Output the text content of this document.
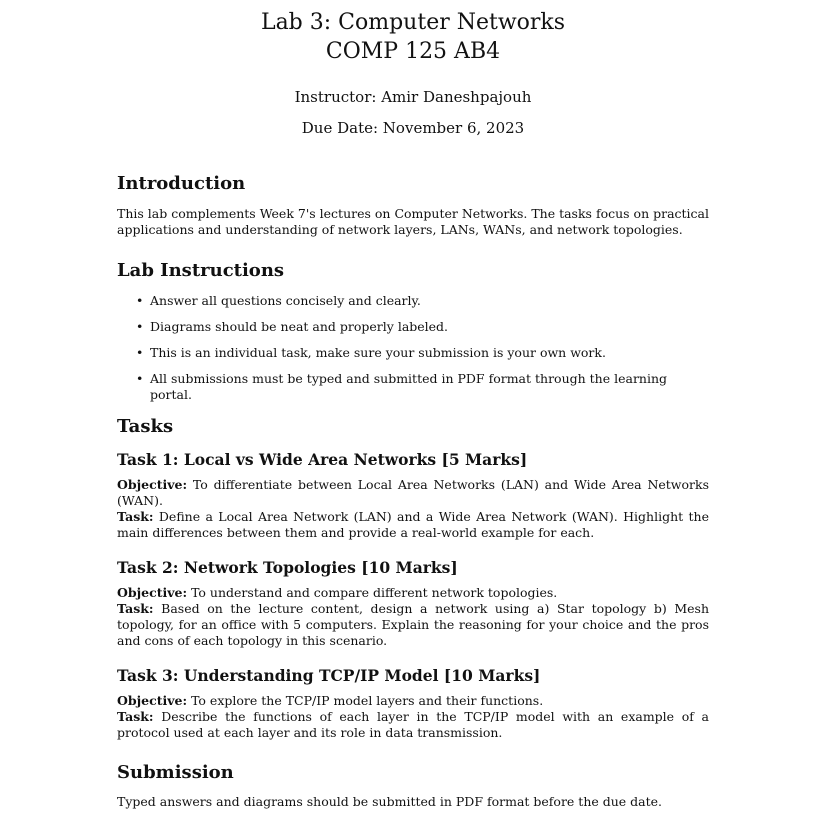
Lab 3: Computer Networks
COMP 125 AB4
Instructor: Amir Daneshpajouh
Due Date: November 6, 2023
Introduction

This lab complements Week 7's lectures on Computer Networks. The tasks focus on practical applications and understanding of network layers, LANs, WANs, and network topologies.

Lab Instructions
• Answer all questions concisely and clearly.
• Diagrams should be neat and properly labeled.
• This is an individual task, make sure your submission is your own work.
• All submissions must be typed and submitted in PDF format through the learning portal.
Tasks
Task 1: Local vs Wide Area Networks [5 Marks]

Objective: To differentiate between Local Area Networks (LAN) and Wide Area Networks (WAN).
Task: Define a Local Area Network (LAN) and a Wide Area Network (WAN). Highlight the main differences between them and provide a real-world example for each.

Task 2: Network Topologies [10 Marks]

Objective: To understand and compare different network topologies.
Task: Based on the lecture content, design a network using a) Star topology b) Mesh topology, for an office with 5 computers. Explain the reasoning for your choice and the pros and cons of each topology in this scenario.

Task 3: Understanding TCP/IP Model [10 Marks]

Objective: To explore the TCP/IP model layers and their functions.
Task: Describe the functions of each layer in the TCP/IP model with an example of a protocol used at each layer and its role in data transmission.

Submission

Typed answers and diagrams should be submitted in PDF format before the due date.
